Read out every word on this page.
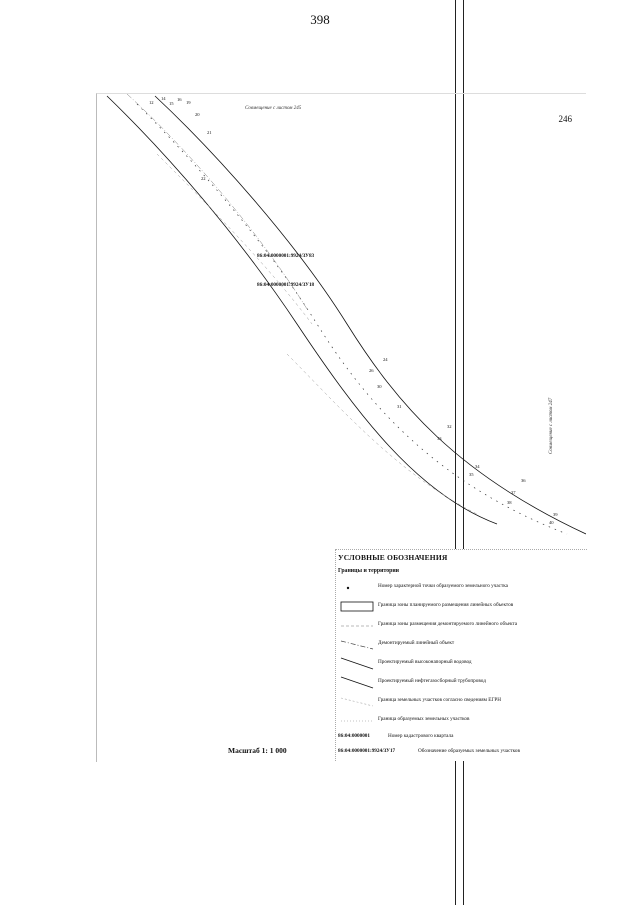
398
Совмещение с листом 245
246
Совмещение с листом 247
86:04:0000001:9924/ЗУ83
86:04:0000001:9924/ЗУ18
12
14
15
16
19
20
21
22
24
26
30
31
32
33
34
35
36
37
38
39
40
УСЛОВНЫЕ ОБОЗНАЧЕНИЯ
Границы и территории
Номер характерной точки образуемого земельного участка
Граница зоны планируемого размещения линейных объектов
Граница зоны размещения демонтируемого линейного объекта
Демонтируемый линейный объект
Проектируемый высоконапорный водовод
Проектируемый нефтегазосборный трубопровод
Граница земельных участков согласно сведениям ЕГРН
Граница образуемых земельных участков
86:04:0000001	Номер кадастрового квартала
86:04:0000001:9924/ЗУ17	Обозначение образуемых земельных участков
Масштаб 1: 1 000
